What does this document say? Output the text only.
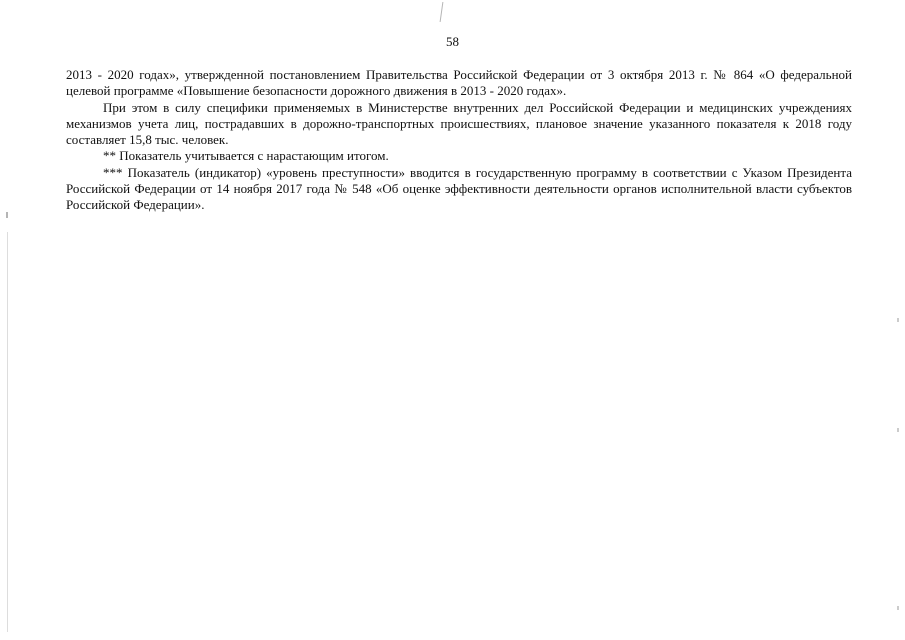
58

2013 - 2020 годах», утвержденной постановлением Правительства Российской Федерации от 3 октября 2013 г. № 864 «О федеральной целевой программе «Повышение безопасности дорожного движения в 2013 - 2020 годах».

При этом в силу специфики применяемых в Министерстве внутренних дел Российской Федерации и медицинских учреждениях механизмов учета лиц, пострадавших в дорожно-транспортных происшествиях, плановое значение указанного показателя к 2018 году составляет 15,8 тыс. человек.

** Показатель учитывается с нарастающим итогом.

*** Показатель (индикатор) «уровень преступности» вводится в государственную программу в соответствии с Указом Президента Российской Федерации от 14 ноября 2017 года № 548 «Об оценке эффективности деятельности органов исполнительной власти субъектов Российской Федерации».
